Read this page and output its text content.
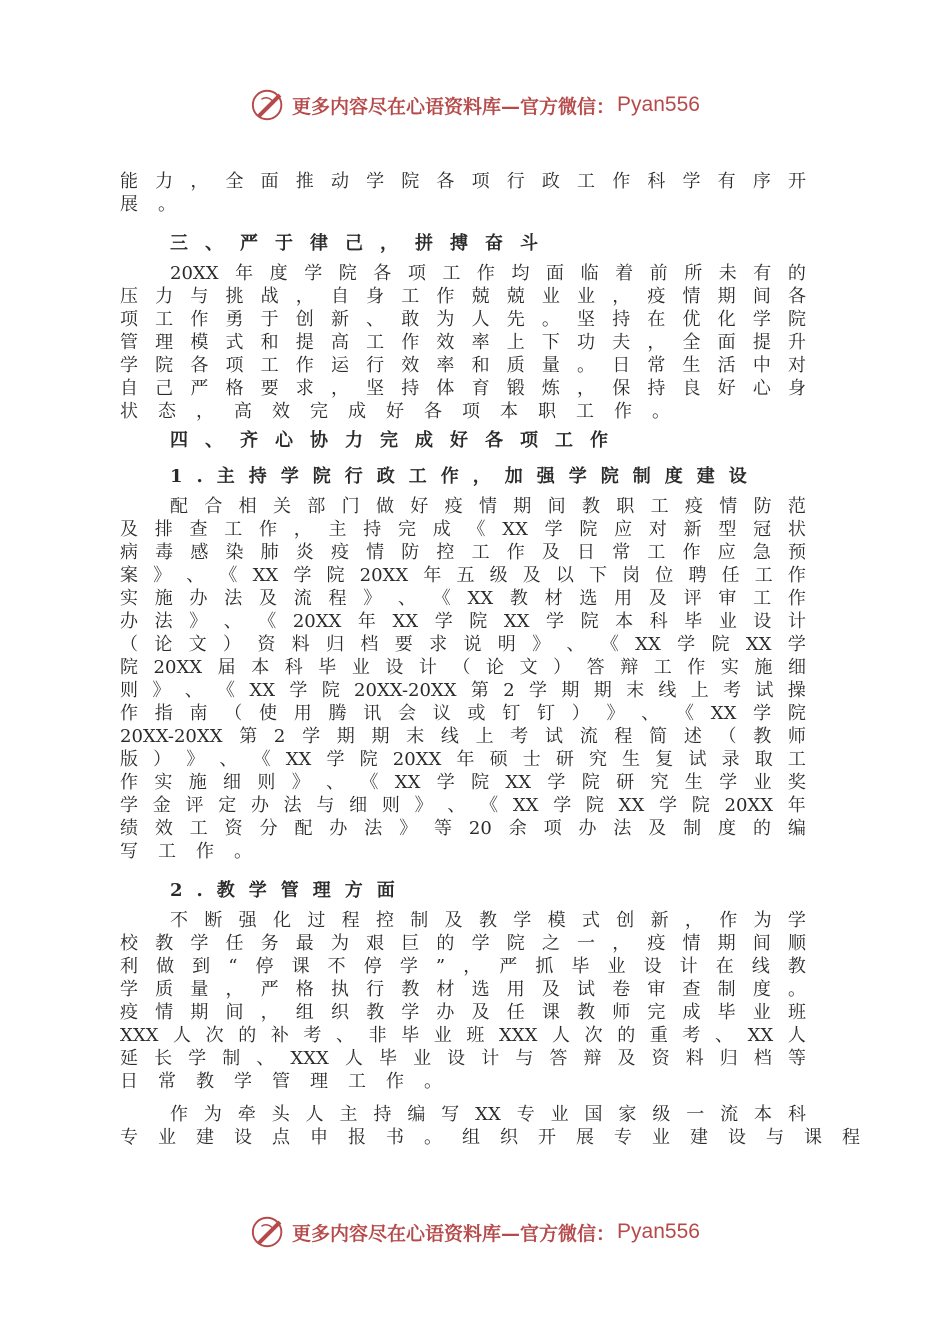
更多内容尽在心语资料库—官方微信： Pyan556
能 力 ， 全 面 推 动 学 院 各 项 行 政 工 作 科 学 有 序 开
展 。
三、严于律己，拼搏奋斗
20XX 年 度 学 院 各 项 工 作 均 面 临 着 前 所 未 有 的
压 力 与 挑 战 ， 自 身 工 作 兢 兢 业 业 ， 疫 情 期 间 各
项 工 作 勇 于 创 新 、 敢 为 人 先 。 坚 持 在 优 化 学 院
管 理 模 式 和 提 高 工 作 效 率 上 下 功 夫 ， 全 面 提 升
学 院 各 项 工 作 运 行 效 率 和 质 量 。 日 常 生 活 中 对
自 己 严 格 要 求 ， 坚 持 体 育 锻 炼 ， 保 持 良 好 心 身
状 态 ， 高 效 完 成 好 各 项 本 职 工 作 。
四、齐心协力完成好各项工作
1.主持学院行政工作，加强学院制度建设
配 合 相 关 部 门 做 好 疫 情 期 间 教 职 工 疫 情 防 范
及 排 查 工 作 ， 主 持 完 成 《 XX 学 院 应 对 新 型 冠 状
病 毒 感 染 肺 炎 疫 情 防 控 工 作 及 日 常 工 作 应 急 预
案 》 、 《 XX 学 院 20XX 年 五 级 及 以 下 岗 位 聘 任 工 作
实 施 办 法 及 流 程 》 、 《 XX 教 材 选 用 及 评 审 工 作
办 法 》 、 《 20XX 年 XX 学 院 XX 学 院 本 科 毕 业 设 计
（ 论 文 ） 资 料 归 档 要 求 说 明 》 、 《 XX 学 院 XX 学
院 20XX 届 本 科 毕 业 设 计 （ 论 文 ） 答 辩 工 作 实 施 细
则 》 、 《 XX 学 院 20XX-20XX 第 2 学 期 期 末 线 上 考 试 操
作 指 南 （ 使 用 腾 讯 会 议 或 钉 钉 ） 》 、 《 XX 学 院
20XX-20XX 第 2 学 期 期 末 线 上 考 试 流 程 简 述 （ 教 师
版 ） 》 、 《 XX 学 院 20XX 年 硕 士 研 究 生 复 试 录 取 工
作 实 施 细 则 》 、 《 XX 学 院 XX 学 院 研 究 生 学 业 奖
学 金 评 定 办 法 与 细 则 》 、 《 XX 学 院 XX 学 院 20XX 年
绩 效 工 资 分 配 办 法 》 等 20 余 项 办 法 及 制 度 的 编
写 工 作 。
2.教学管理方面
不 断 强 化 过 程 控 制 及 教 学 模 式 创 新 ， 作 为 学
校 教 学 任 务 最 为 艰 巨 的 学 院 之 一 ， 疫 情 期 间 顺
利 做 到 “ 停 课 不 停 学 ” ， 严 抓 毕 业 设 计 在 线 教
学 质 量 ， 严 格 执 行 教 材 选 用 及 试 卷 审 查 制 度 。
疫 情 期 间 ， 组 织 教 学 办 及 任 课 教 师 完 成 毕 业 班
XXX 人 次 的 补 考 、 非 毕 业 班 XXX 人 次 的 重 考 、 XX 人
延 长 学 制 、 XXX 人 毕 业 设 计 与 答 辩 及 资 料 归 档 等
日 常 教 学 管 理 工 作 。
作 为 牵 头 人 主 持 编 写 XX 专 业 国 家 级 一 流 本 科
专 业 建 设 点 申 报 书 。 组 织 开 展 专 业 建 设 与 课 程
更多内容尽在心语资料库—官方微信： Pyan556
